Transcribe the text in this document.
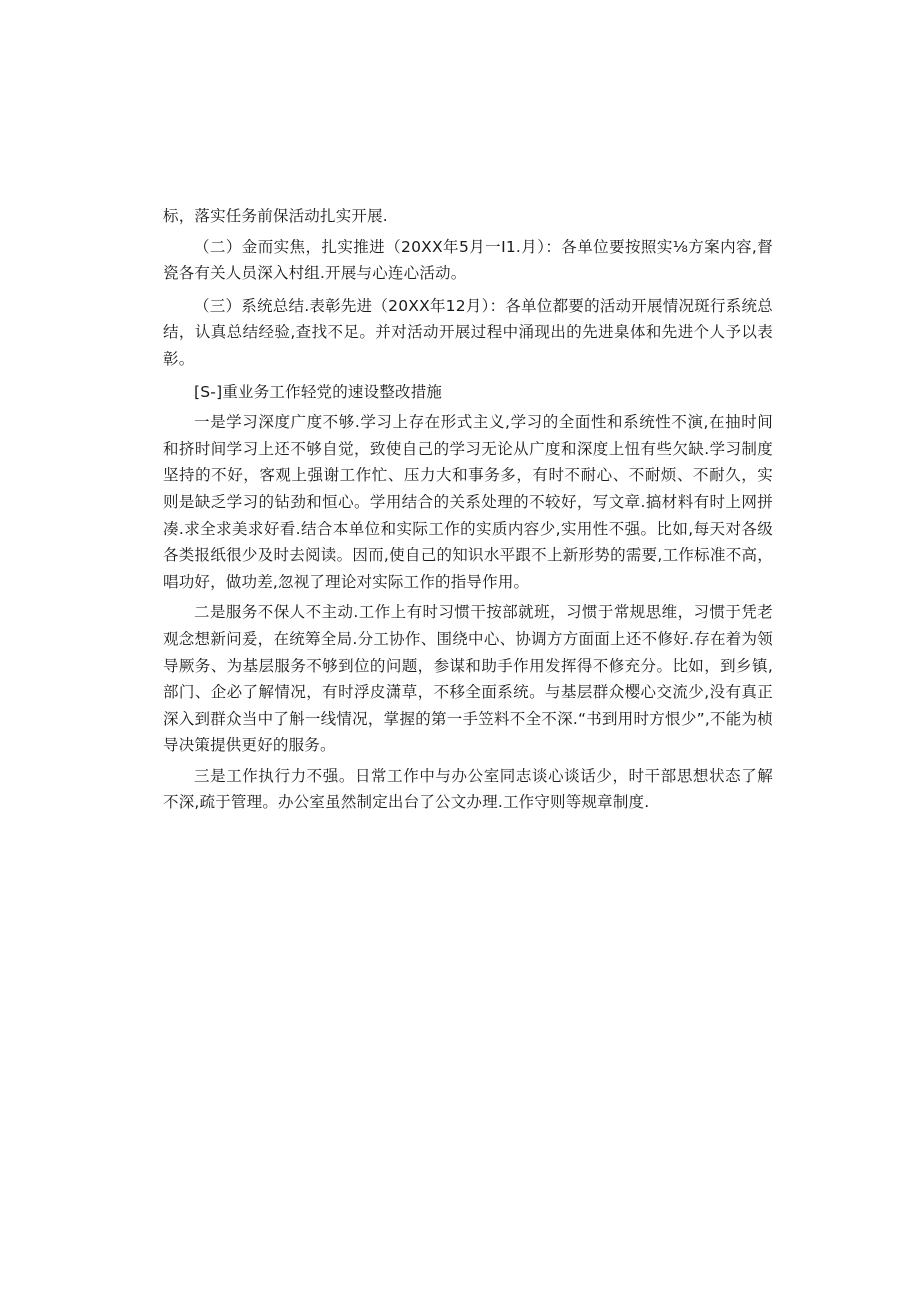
标，落实任务前保活动扎实开展.

（二）金而实焦，扎实推进（20XX年5月一I1.月）：各单位要按照实⅛方案内容,督瓷各有关人员深入村组.开展与心连心活动。

（三）系统总结.表彰先进（20XX年12月）：各单位都要的活动开展情况斑行系统总结，认真总结经验,查找不足。并对活动开展过程中涌现出的先进臬体和先进个人予以表彰。

[S-]重业务工作轻党的速设整改措施

一是学习深度广度不够.学习上存在形式主义,学习的全面性和系统性不演,在抽时间和挤时间学习上还不够自觉，致使自己的学习无论从广度和深度上忸有些欠缺.学习制度坚持的不好，客观上强谢工作忙、压力大和事务多，有时不耐心、不耐烦、不耐久，实则是缺乏学习的钻劲和恒心。学用结合的关系处理的不较好，写文章.搞材料有时上网拼凑.求全求美求好看.结合本单位和实际工作的实质内容少,实用性不强。比如,每天对各级各类报纸很少及时去阅读。因而,使自己的知识水平跟不上新形势的需要,工作标准不高，唱功好，做功差,忽视了理论对实际工作的指导作用。

二是服务不保人不主动.工作上有时习惯干按部就班，习惯于常规思维，习惯于凭老观念想新问爰，在统筹全局.分工协作、围绕中心、协调方方面面上还不修好.存在着为领导厥务、为基层服务不够到位的问题，参谋和助手作用发挥得不修充分。比如，到乡镇,部门、企必了解情况，有时浮皮潇草，不移全面系统。与基层群众樱心交流少,没有真正深入到群众当中了斛一线情况，掌握的第一手笠料不全不深.“书到用时方恨少”,不能为桢导决策提供更好的服务。

三是工作执行力不强。日常工作中与办公室同志谈心谈话少，时干部思想状态了解不深,疏于管理。办公室虽然制定出台了公文办理.工作守则等规章制度.
